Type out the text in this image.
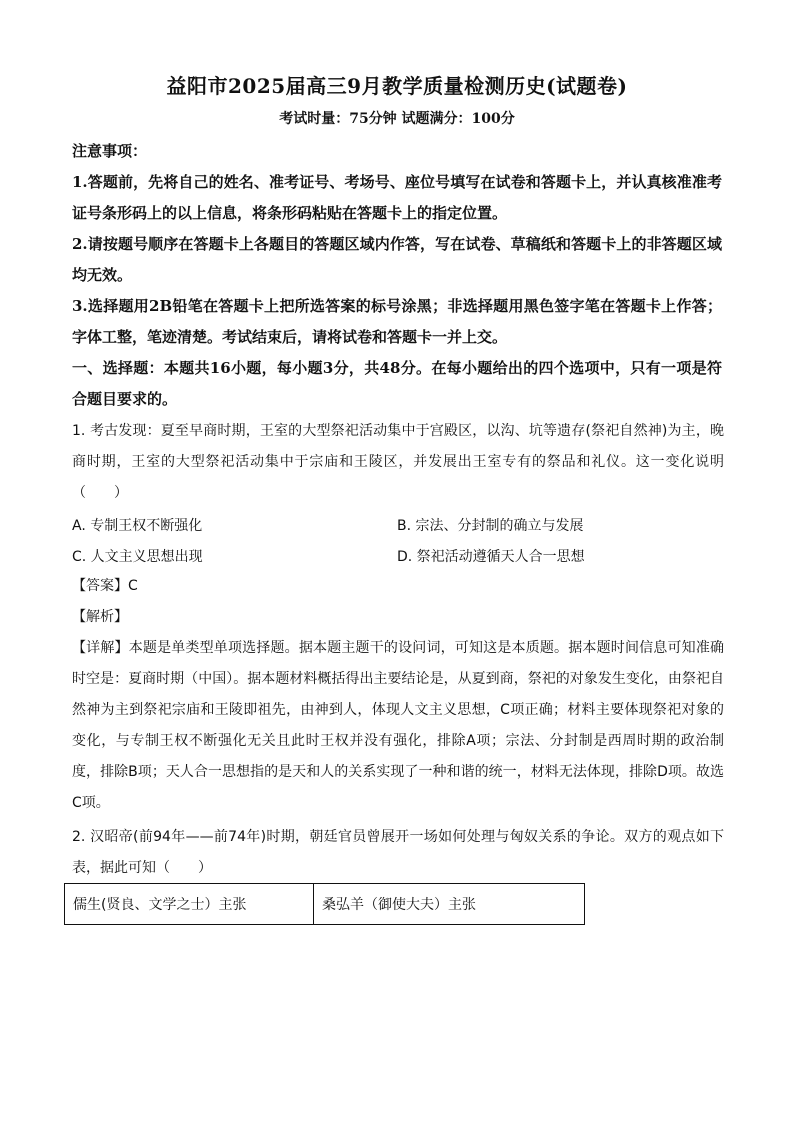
益阳市2025届高三9月教学质量检测历史(试题卷)
考试时量：75分钟 试题满分：100分
注意事项：
1.答题前，先将自己的姓名、准考证号、考场号、座位号填写在试卷和答题卡上，并认真核准准考证号条形码上的以上信息，将条形码粘贴在答题卡上的指定位置。
2.请按题号顺序在答题卡上各题目的答题区域内作答，写在试卷、草稿纸和答题卡上的非答题区域均无效。
3.选择题用2B铅笔在答题卡上把所选答案的标号涂黑；非选择题用黑色签字笔在答题卡上作答；字体工整，笔迹清楚。考试结束后，请将试卷和答题卡一并上交。
一、选择题：本题共16小题，每小题3分，共48分。在每小题给出的四个选项中，只有一项是符合题目要求的。
1. 考古发现：夏至早商时期，王室的大型祭祀活动集中于宫殿区，以沟、坑等遗存(祭祀自然神)为主，晚商时期，王室的大型祭祀活动集中于宗庙和王陵区，并发展出王室专有的祭品和礼仪。这一变化说明（　　）
A. 专制王权不断强化	B. 宗法、分封制的确立与发展
C. 人文主义思想出现	D. 祭祀活动遵循天人合一思想
【答案】C
【解析】
【详解】本题是单类型单项选择题。据本题主题干的设问词，可知这是本质题。据本题时间信息可知准确时空是：夏商时期（中国）。据本题材料概括得出主要结论是，从夏到商，祭祀的对象发生变化，由祭祀自然神为主到祭祀宗庙和王陵即祖先，由神到人，体现人文主义思想，C项正确；材料主要体现祭祀对象的变化，与专制王权不断强化无关且此时王权并没有强化，排除A项；宗法、分封制是西周时期的政治制度，排除B项；天人合一思想指的是天和人的关系实现了一种和谐的统一，材料无法体现，排除D项。故选C项。
2. 汉昭帝(前94年——前74年)时期，朝廷官员曾展开一场如何处理与匈奴关系的争论。双方的观点如下表，据此可知（　　）
儒生(贤良、文学之士）主张	桑弘羊（御使大夫）主张
